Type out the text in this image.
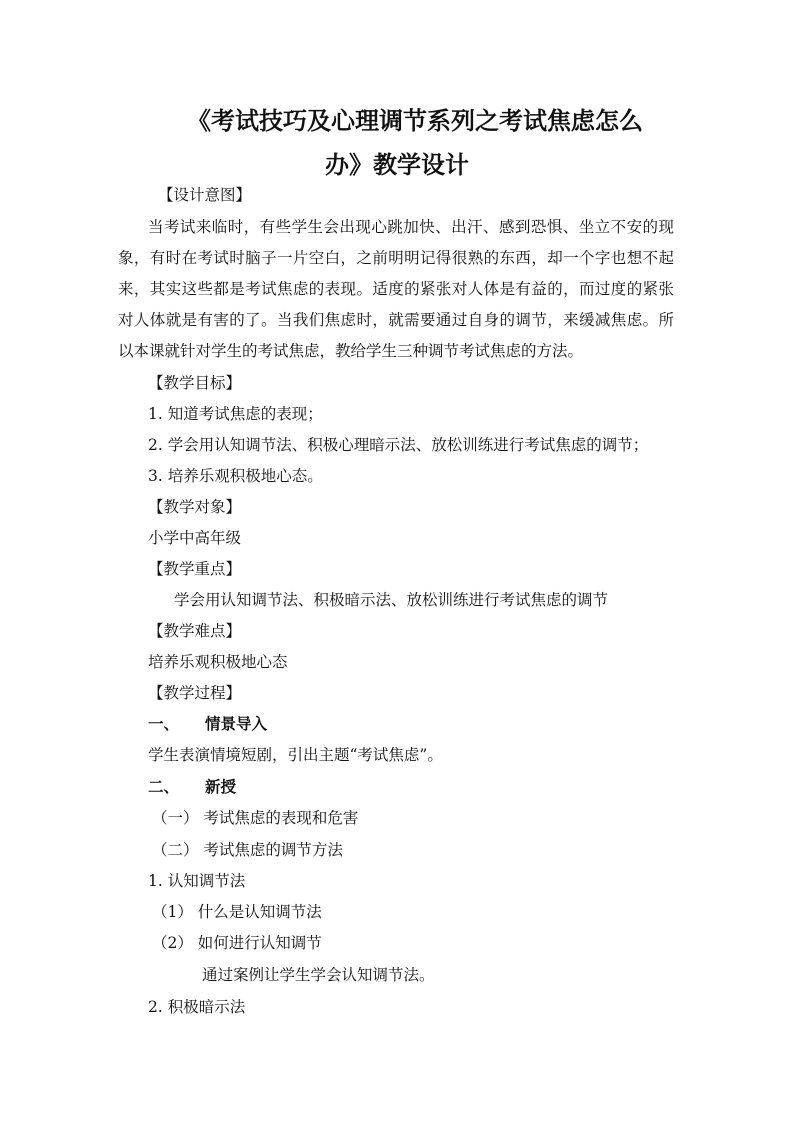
《考试技巧及心理调节系列之考试焦虑怎么
办》教学设计
【设计意图】
当考试来临时，有些学生会出现心跳加快、出汗、感到恐惧、坐立不安的现
象，有时在考试时脑子一片空白，之前明明记得很熟的东西，却一个字也想不起
来，其实这些都是考试焦虑的表现。适度的紧张对人体是有益的，而过度的紧张
对人体就是有害的了。当我们焦虑时，就需要通过自身的调节，来缓减焦虑。所
以本课就针对学生的考试焦虑，教给学生三种调节考试焦虑的方法。
【教学目标】
1. 知道考试焦虑的表现；
2. 学会用认知调节法、积极心理暗示法、放松训练进行考试焦虑的调节；
3. 培养乐观积极地心态。
【教学对象】
小学中高年级
【教学重点】
学会用认知调节法、积极暗示法、放松训练进行考试焦虑的调节
【教学难点】
培养乐观积极地心态
【教学过程】
一、 情景导入
学生表演情境短剧，引出主题“考试焦虑”。
二、 新授
（一） 考试焦虑的表现和危害
（二） 考试焦虑的调节方法
1. 认知调节法
（1） 什么是认知调节法
（2） 如何进行认知调节
通过案例让学生学会认知调节法。
2. 积极暗示法
